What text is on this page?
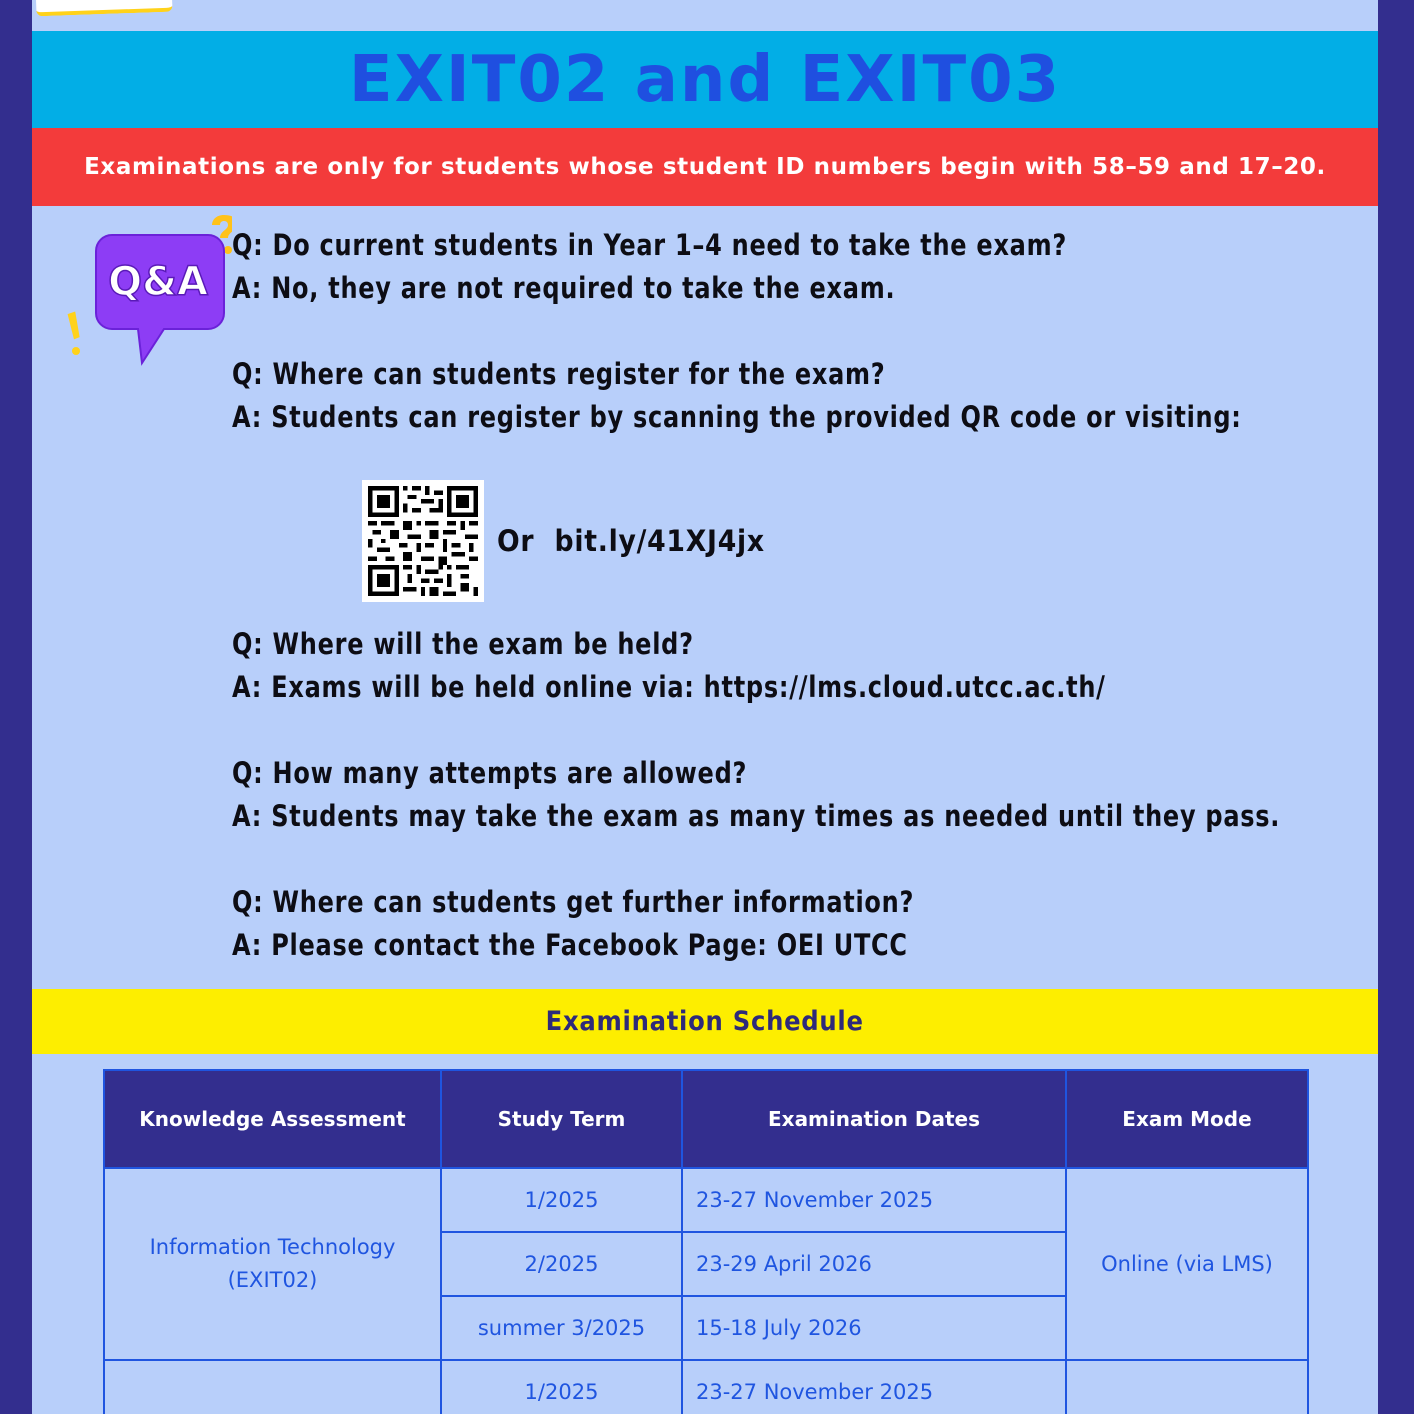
EXIT02 and EXIT03

Examinations are only for students whose student ID numbers begin with 58–59 and 17–20.

Q&A
Q: Do current students in Year 1–4 need to take the exam?
A: No, they are not required to take the exam.
Q: Where can students register for the exam?
A: Students can register by scanning the provided QR code or visiting:
Q: Where will the exam be held?
A: Exams will be held online via: https://lms.cloud.utcc.ac.th/
Q: How many attempts are allowed?
A: Students may take the exam as many times as needed until they pass.
Q: Where can students get further information?
A: Please contact the Facebook Page: OEI UTCC
Or bit.ly/41XJ4jx
Examination Schedule
Knowledge Assessment	Study Term	Examination Dates	Exam Mode

Information Technology
(EXIT02)	1/2025	23-27 November 2025	Online (via LMS)
	2/2025	23-29 April 2026	
	summer 3/2025	15-18 July 2026	
	1/2025	23-27 November 2025	
